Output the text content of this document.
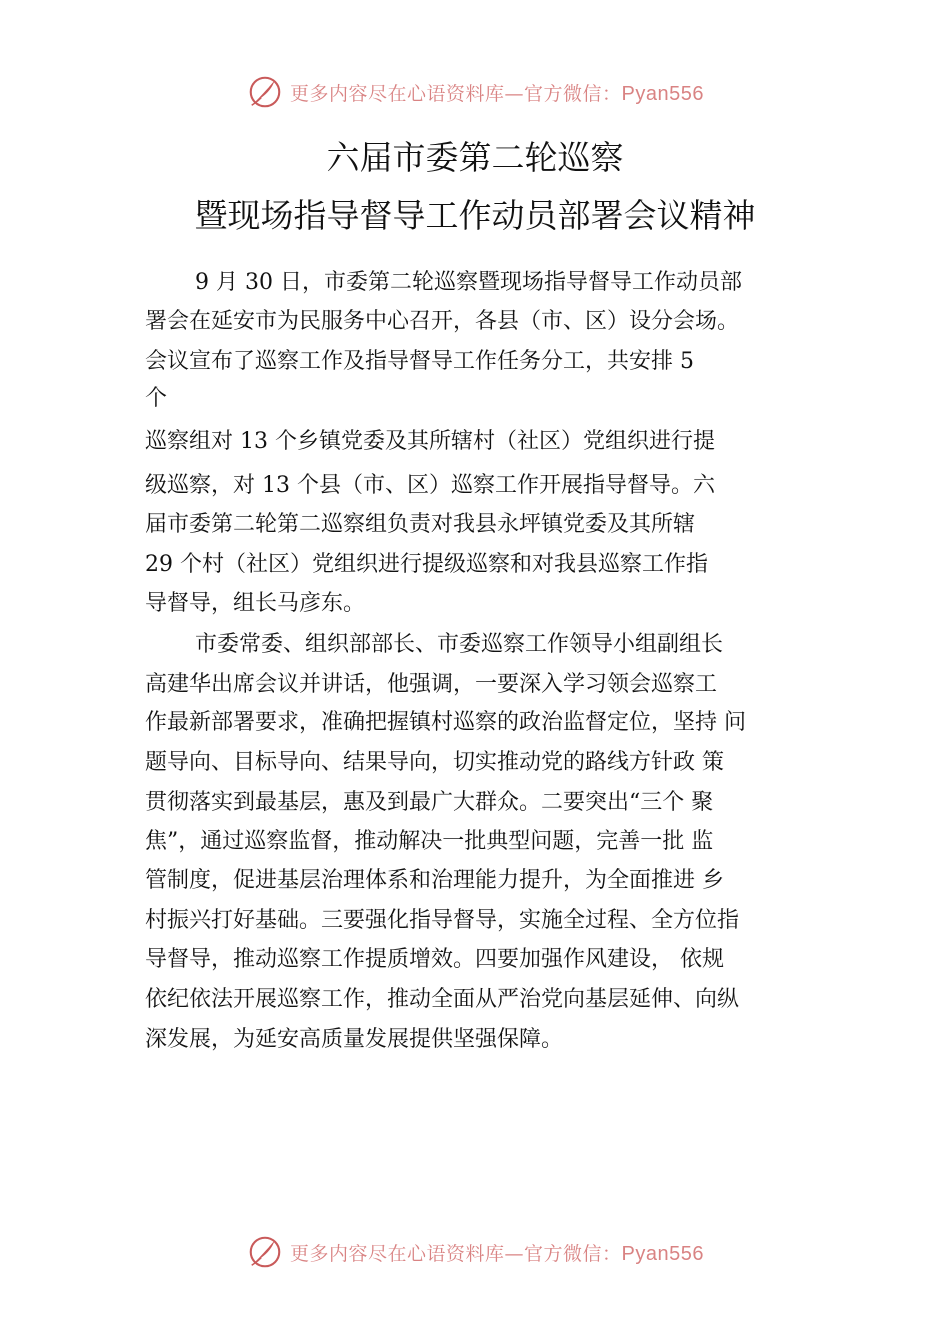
更多内容尽在心语资料库—官方微信：Pyan556
六届市委第二轮巡察
暨现场指导督导工作动员部署会议精神
9 月 30 日，市委第二轮巡察暨现场指导督导工作动员部
署会在延安市为民服务中心召开，各县（市、区）设分会场。
会议宣布了巡察工作及指导督导工作任务分工，共安排 5
个
巡察组对 13 个乡镇党委及其所辖村（社区）党组织进行提
级巡察，对 13 个县（市、区）巡察工作开展指导督导。六
届市委第二轮第二巡察组负责对我县永坪镇党委及其所辖
29 个村（社区）党组织进行提级巡察和对我县巡察工作指
导督导，组长马彦东。
市委常委、组织部部长、市委巡察工作领导小组副组长
高建华出席会议并讲话，他强调，一要深入学习领会巡察工
作最新部署要求，准确把握镇村巡察的政治监督定位，坚持 问
题导向、目标导向、结果导向，切实推动党的路线方针政 策
贯彻落实到最基层，惠及到最广大群众。二要突出“三个 聚
焦”，通过巡察监督，推动解决一批典型问题，完善一批 监
管制度，促进基层治理体系和治理能力提升，为全面推进 乡
村振兴打好基础。三要强化指导督导，实施全过程、全方位指
导督导，推动巡察工作提质增效。四要加强作风建设， 依规
依纪依法开展巡察工作，推动全面从严治党向基层延伸、向纵
深发展，为延安高质量发展提供坚强保障。
更多内容尽在心语资料库—官方微信：Pyan556
